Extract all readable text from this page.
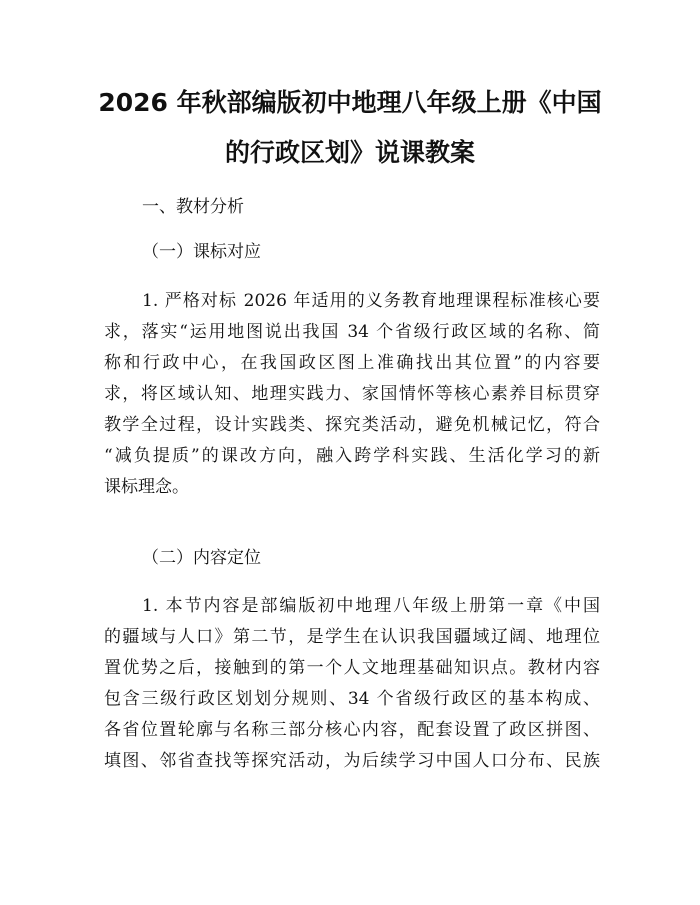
2026 年秋部编版初中地理八年级上册《中国
的行政区划》说课教案

一、教材分析

（一）课标对应

1. 严格对标 2026 年适用的义务教育地理课程标准核心要
求，落实“运用地图说出我国 34 个省级行政区域的名称、简
称和行政中心，在我国政区图上准确找出其位置”的内容要
求，将区域认知、地理实践力、家国情怀等核心素养目标贯穿
教学全过程，设计实践类、探究类活动，避免机械记忆，符合
“减负提质”的课改方向，融入跨学科实践、生活化学习的新
课标理念。

（二）内容定位

1. 本节内容是部编版初中地理八年级上册第一章《中国
的疆域与人口》第二节，是学生在认识我国疆域辽阔、地理位
置优势之后，接触到的第一个人文地理基础知识点。教材内容
包含三级行政区划划分规则、34 个省级行政区的基本构成、
各省位置轮廓与名称三部分核心内容，配套设置了政区拼图、
填图、邻省查找等探究活动，为后续学习中国人口分布、民族
